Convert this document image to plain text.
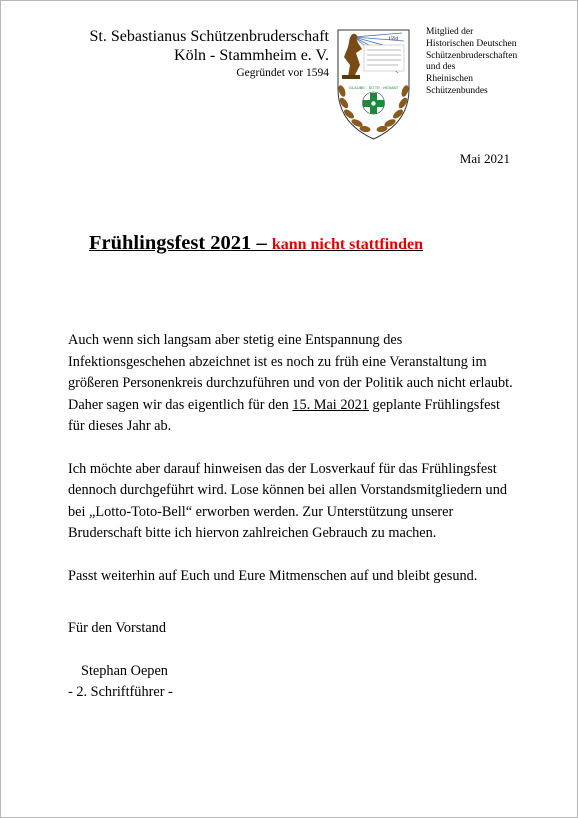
St. Sebastianus Schützenbruderschaft
Köln - Stammheim e. V.
Gegründet vor 1594
1594
GLAUBE · SITTE · HEIMAT
Mitglied der
Historischen Deutschen
Schützenbruderschaften
und des
Rheinischen
Schützenbundes
Mai 2021
Frühlingsfest 2021 – kann nicht stattfinden

Auch wenn sich langsam aber stetig eine Entspannung des Infektionsgeschehen abzeichnet ist es noch zu früh eine Veranstaltung im größeren Personenkreis durchzuführen und von der Politik auch nicht erlaubt.

Daher sagen wir das eigentlich für den 15. Mai 2021 geplante Frühlingsfest für dieses Jahr ab.

Ich möchte aber darauf hinweisen das der Losverkauf für das Frühlingsfest dennoch durchgeführt wird. Lose können bei allen Vorstandsmitgliedern und bei „Lotto-Toto-Bell“ erworben werden. Zur Unterstützung unserer Bruderschaft bitte ich hiervon zahlreichen Gebrauch zu machen.

Passt weiterhin auf Euch und Eure Mitmenschen auf und bleibt gesund.

Für den Vorstand

Stephan Oepen

- 2. Schriftführer -
